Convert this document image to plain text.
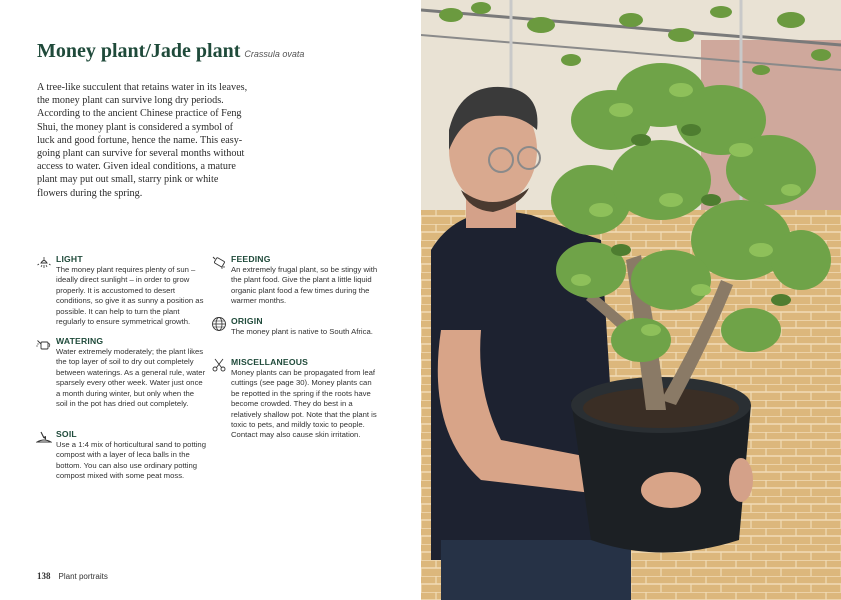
Money plant/Jade plant Crassula ovata

A tree-like succulent that retains water in its leaves, the money plant can survive long dry periods. According to the ancient Chinese practice of Feng Shui, the money plant is considered a symbol of luck and good fortune, hence the name. This easy-going plant can survive for several months without access to water. Given ideal conditions, a mature plant may put out small, starry pink or white flowers during the spring.

LIGHT

The money plant requires plenty of sun – ideally direct sunlight – in order to grow properly. It is accustomed to desert conditions, so give it as sunny a position as possible. It can help to turn the plant regularly to ensure symmetrical growth.

WATERING

Water extremely moderately; the plant likes the top layer of soil to dry out completely between waterings. As a general rule, water sparsely every other week. Water just once a month during winter, but only when the soil in the pot has dried out completely.

SOIL

Use a 1:4 mix of horticultural sand to potting compost with a layer of leca balls in the bottom. You can also use ordinary potting compost mixed with some peat moss.

FEEDING

An extremely frugal plant, so be stingy with the plant food. Give the plant a little liquid organic plant food a few times during the warmer months.

ORIGIN

The money plant is native to South Africa.

MISCELLANEOUS

Money plants can be propagated from leaf cuttings (see page 30). Money plants can be repotted in the spring if the roots have become crowded. They do best in a relatively shallow pot. Note that the plant is toxic to pets, and mildly toxic to people. Contact may also cause skin irritation.

138 Plant portraits
